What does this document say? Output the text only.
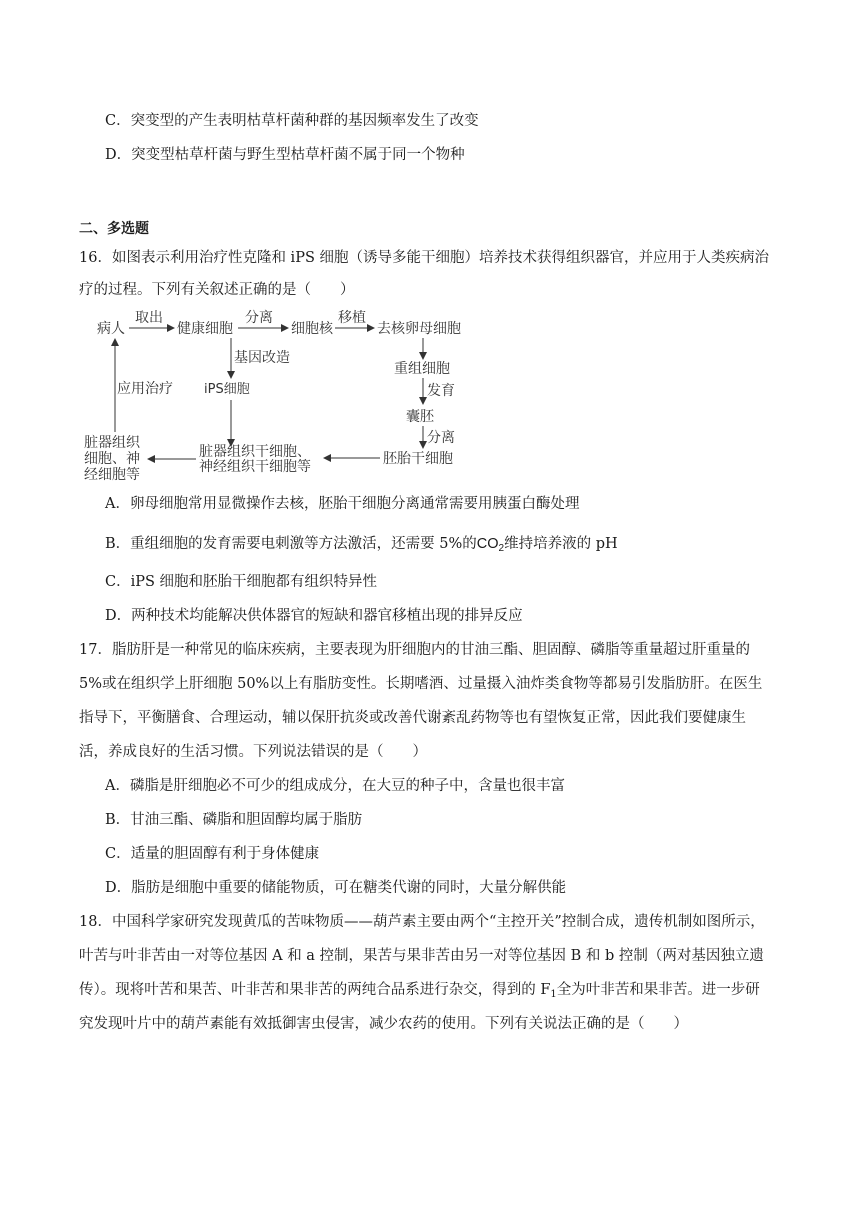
C．突变型的产生表明枯草杆菌种群的基因频率发生了改变
D．突变型枯草杆菌与野生型枯草杆菌不属于同一个物种
二、多选题
16．如图表示利用治疗性克隆和 iPS 细胞（诱导多能干细胞）培养技术获得组织器官，并应用于人类疾病治
疗的过程。下列有关叙述正确的是（　　）
病人
取出
健康细胞
分离
细胞核
移植
去核卵母细胞
基因改造
iPS细胞
重组细胞
发育
囊胚
分离
胚胎干细胞
脏器组织干细胞、
神经组织干细胞等
脏器组织
细胞、神
经细胞等
应用治疗
A．卵母细胞常用显微操作去核，胚胎干细胞分离通常需要用胰蛋白酶处理
B．重组细胞的发育需要电刺激等方法激活，还需要 5%的$CO_2$维持培养液的 pH
C．iPS 细胞和胚胎干细胞都有组织特异性
D．两种技术均能解决供体器官的短缺和器官移植出现的排异反应
17．脂肪肝是一种常见的临床疾病，主要表现为肝细胞内的甘油三酯、胆固醇、磷脂等重量超过肝重量的
5%或在组织学上肝细胞 50%以上有脂肪变性。长期嗜酒、过量摄入油炸类食物等都易引发脂肪肝。在医生
指导下，平衡膳食、合理运动，辅以保肝抗炎或改善代谢紊乱药物等也有望恢复正常，因此我们要健康生
活，养成良好的生活习惯。下列说法错误的是（　　）
A．磷脂是肝细胞必不可少的组成成分，在大豆的种子中，含量也很丰富
B．甘油三酯、磷脂和胆固醇均属于脂肪
C．适量的胆固醇有利于身体健康
D．脂肪是细胞中重要的储能物质，可在糖类代谢的同时，大量分解供能
18．中国科学家研究发现黄瓜的苦味物质——葫芦素主要由两个“主控开关”控制合成，遗传机制如图所示，
叶苦与叶非苦由一对等位基因 A 和 a 控制，果苦与果非苦由另一对等位基因 B 和 b 控制（两对基因独立遗
传）。现将叶苦和果苦、叶非苦和果非苦的两纯合品系进行杂交，得到的 $F_1$全为叶非苦和果非苦。进一步研
究发现叶片中的葫芦素能有效抵御害虫侵害，减少农药的使用。下列有关说法正确的是（　　）
